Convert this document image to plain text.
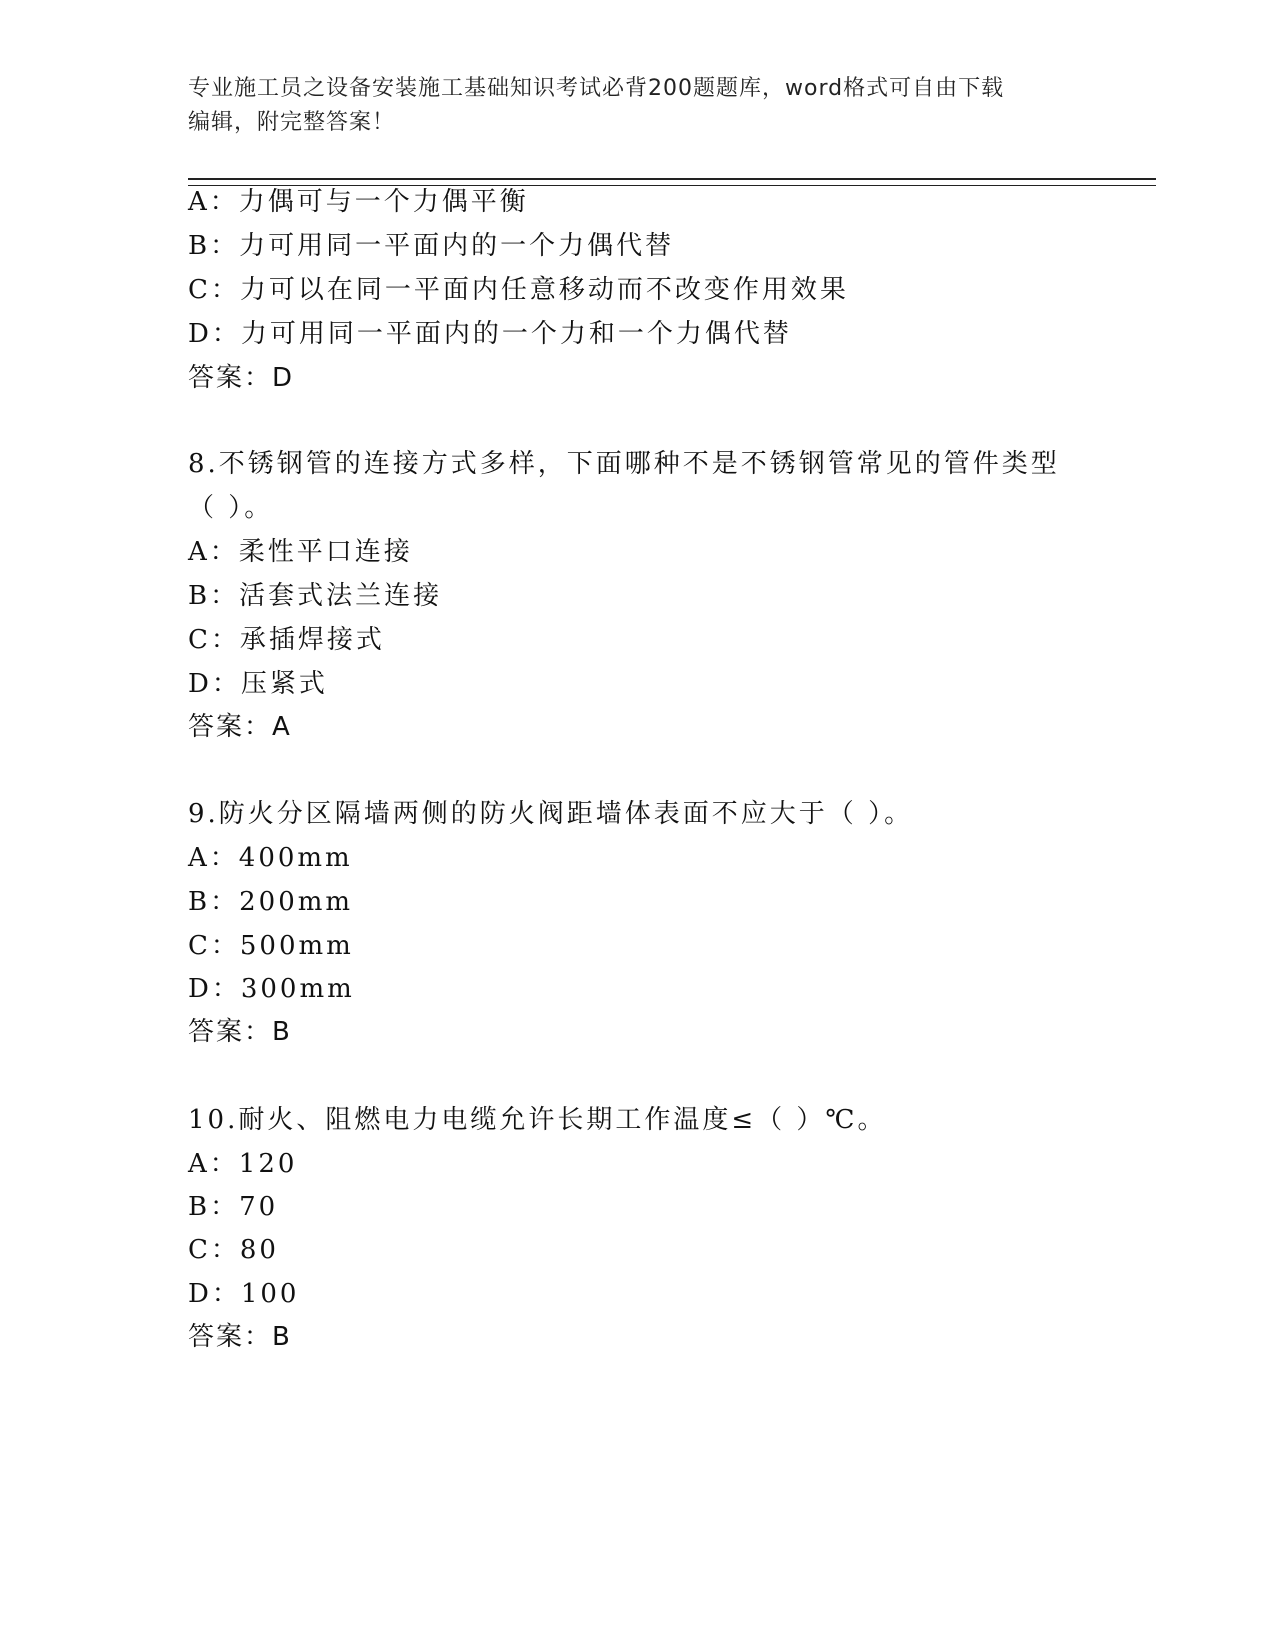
专业施工员之设备安装施工基础知识考试必背200题题库，word格式可自由下载
编辑，附完整答案！
A：力偶可与一个力偶平衡
B：力可用同一平面内的一个力偶代替
C：力可以在同一平面内任意移动而不改变作用效果
D：力可用同一平面内的一个力和一个力偶代替
答案：D
8.不锈钢管的连接方式多样，下面哪种不是不锈钢管常见的管件类型
（ ）。
A：柔性平口连接
B：活套式法兰连接
C：承插焊接式
D：压紧式
答案：A
9.防火分区隔墙两侧的防火阀距墙体表面不应大于（ ）。
A：400mm
B：200mm
C：500mm
D：300mm
答案：B
10.耐火、阻燃电力电缆允许长期工作温度≤（ ）℃。
A：120
B：70
C：80
D：100
答案：B
